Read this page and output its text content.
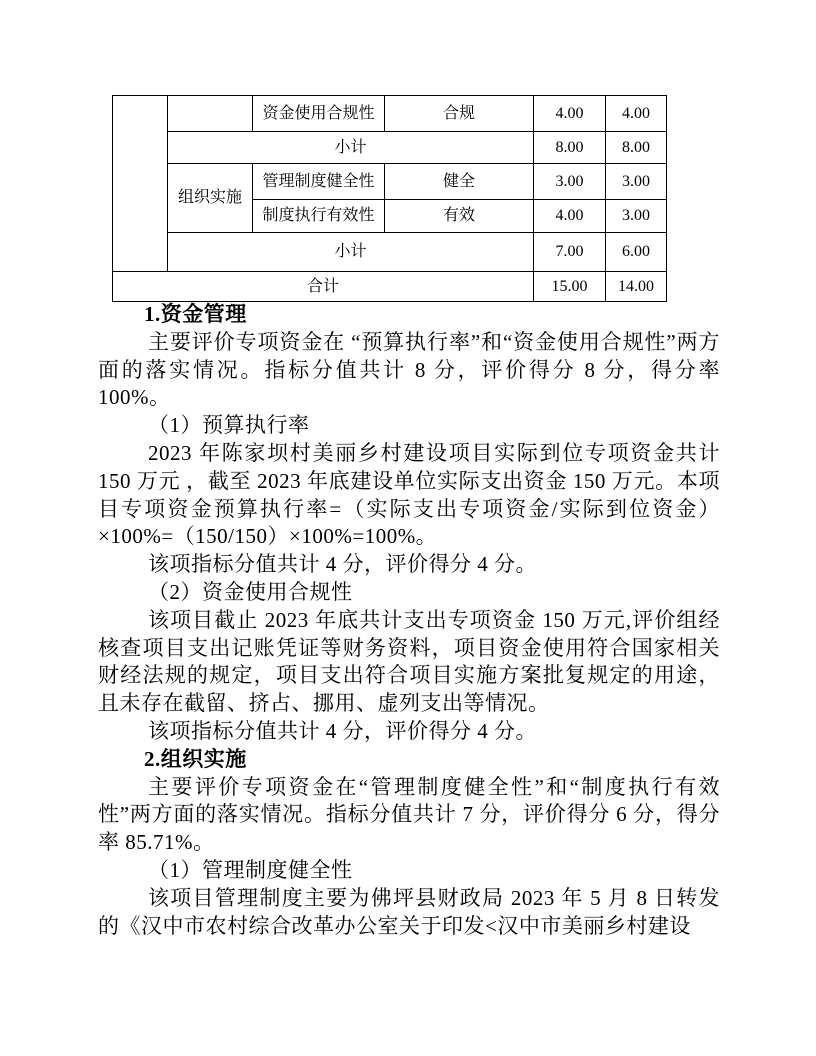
		资金使用合规性	合规	4.00	4.00
	小计			8.00	8.00
	组织实施	管理制度健全性	健全	3.00	3.00
		制度执行有效性	有效	4.00	3.00
	小计			7.00	6.00
合计				15.00	14.00

1.资金管理

主要评价专项资金在 “预算执行率”和“资金使用合规性”两方面的落实情况。指标分值共计 8 分，评价得分 8 分，得分率 100%。

（1）预算执行率

2023 年陈家坝村美丽乡村建设项目实际到位专项资金共计 150 万元 ，截至 2023 年底建设单位实际支出资金 150 万元。本项目专项资金预算执行率=（实际支出专项资金/实际到位资金）×100%=（150/150）×100%=100%。

该项指标分值共计 4 分，评价得分 4 分。

（2）资金使用合规性

该项目截止 2023 年底共计支出专项资金 150 万元,评价组经核查项目支出记账凭证等财务资料，项目资金使用符合国家相关财经法规的规定，项目支出符合项目实施方案批复规定的用途，且未存在截留、挤占、挪用、虚列支出等情况。

该项指标分值共计 4 分，评价得分 4 分。

2.组织实施

主要评价专项资金在“管理制度健全性”和“制度执行有效性”两方面的落实情况。指标分值共计 7 分，评价得分 6 分，得分率 85.71%。

（1）管理制度健全性

该项目管理制度主要为佛坪县财政局 2023 年 5 月 8 日转发的《汉中市农村综合改革办公室关于印发<汉中市美丽乡村建设
